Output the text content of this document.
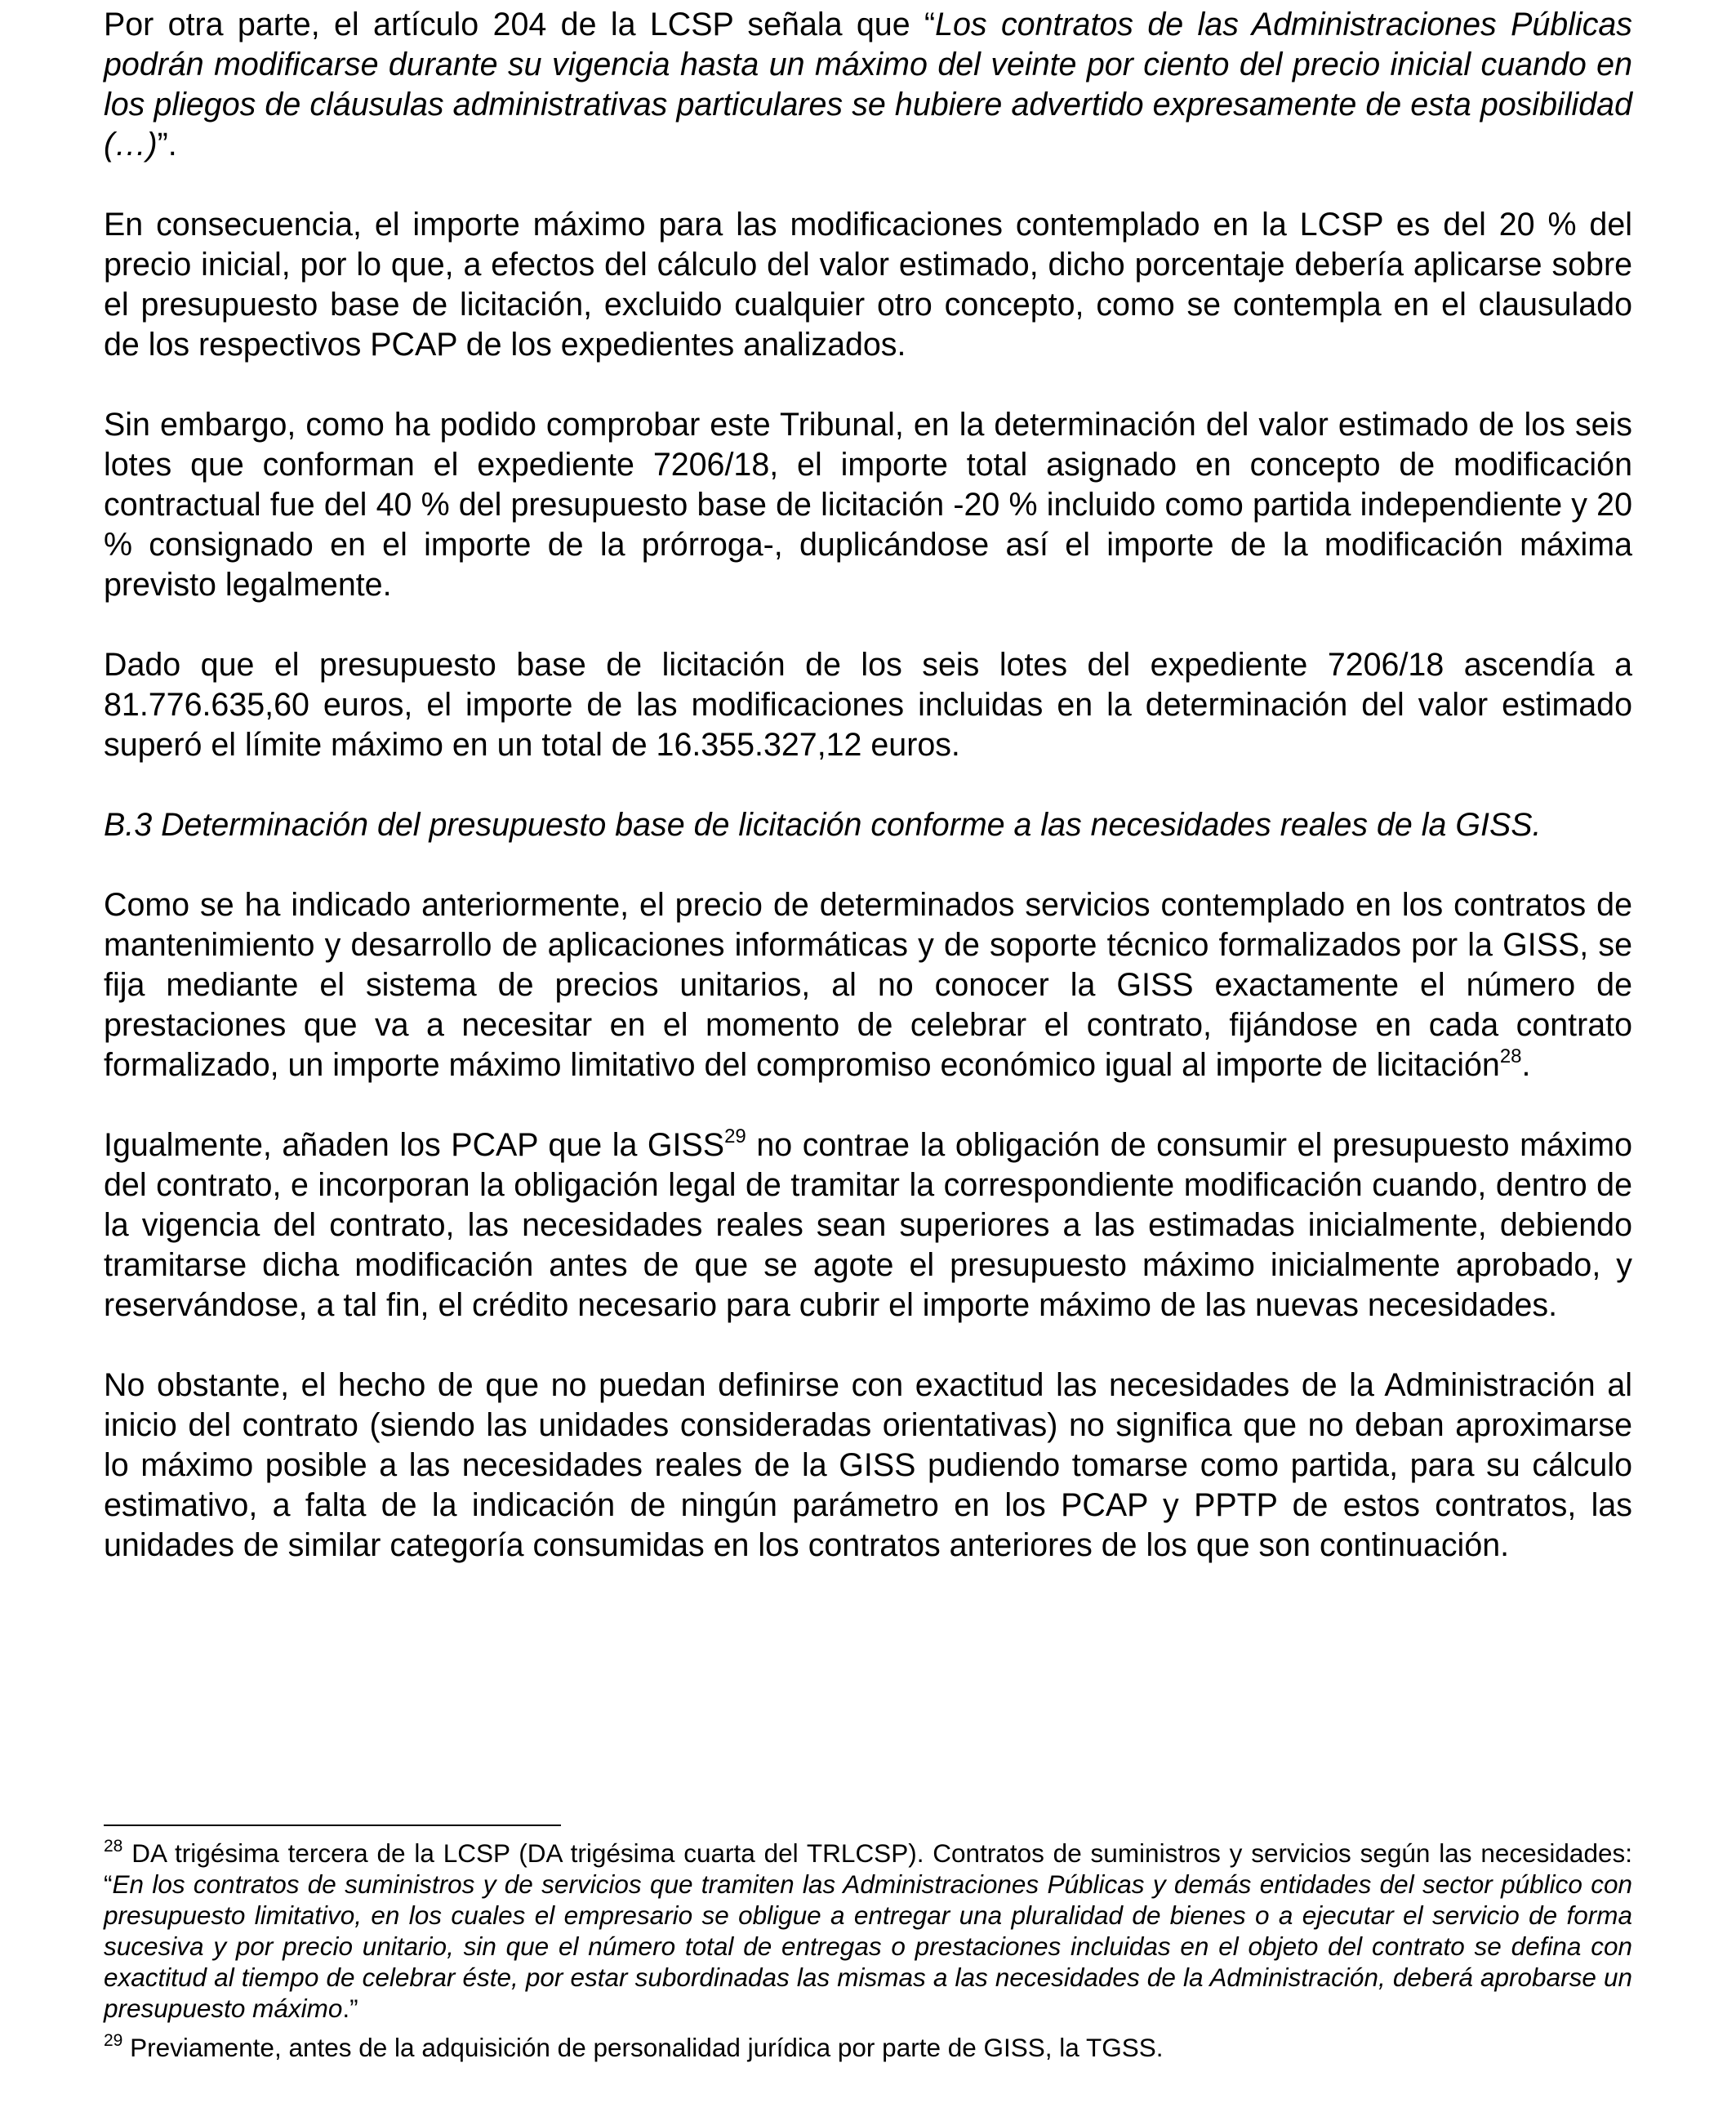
Por otra parte, el artículo 204 de la LCSP señala que “Los contratos de las Administraciones Públicas podrán modificarse durante su vigencia hasta un máximo del veinte por ciento del precio inicial cuando en los pliegos de cláusulas administrativas particulares se hubiere advertido expresamente de esta posibilidad (…)”.

En consecuencia, el importe máximo para las modificaciones contemplado en la LCSP es del 20 % del precio inicial, por lo que, a efectos del cálculo del valor estimado, dicho porcentaje debería aplicarse sobre el presupuesto base de licitación, excluido cualquier otro concepto, como se contempla en el clausulado de los respectivos PCAP de los expedientes analizados.

Sin embargo, como ha podido comprobar este Tribunal, en la determinación del valor estimado de los seis lotes que conforman el expediente 7206/18, el importe total asignado en concepto de modificación contractual fue del 40 % del presupuesto base de licitación -20 % incluido como partida independiente y 20 % consignado en el importe de la prórroga-, duplicándose así el importe de la modificación máxima previsto legalmente.

Dado que el presupuesto base de licitación de los seis lotes del expediente 7206/18 ascendía a 81.776.635,60 euros, el importe de las modificaciones incluidas en la determinación del valor estimado superó el límite máximo en un total de 16.355.327,12 euros.

B.3 Determinación del presupuesto base de licitación conforme a las necesidades reales de la GISS.

Como se ha indicado anteriormente, el precio de determinados servicios contemplado en los contratos de mantenimiento y desarrollo de aplicaciones informáticas y de soporte técnico formalizados por la GISS, se fija mediante el sistema de precios unitarios, al no conocer la GISS exactamente el número de prestaciones que va a necesitar en el momento de celebrar el contrato, fijándose en cada contrato formalizado, un importe máximo limitativo del compromiso económico igual al importe de licitación$^{28}$.

Igualmente, añaden los PCAP que la GISS$^{29}$ no contrae la obligación de consumir el presupuesto máximo del contrato, e incorporan la obligación legal de tramitar la correspondiente modificación cuando, dentro de la vigencia del contrato, las necesidades reales sean superiores a las estimadas inicialmente, debiendo tramitarse dicha modificación antes de que se agote el presupuesto máximo inicialmente aprobado, y reservándose, a tal fin, el crédito necesario para cubrir el importe máximo de las nuevas necesidades.

No obstante, el hecho de que no puedan definirse con exactitud las necesidades de la Administración al inicio del contrato (siendo las unidades consideradas orientativas) no significa que no deban aproximarse lo máximo posible a las necesidades reales de la GISS pudiendo tomarse como partida, para su cálculo estimativo, a falta de la indicación de ningún parámetro en los PCAP y PPTP de estos contratos, las unidades de similar categoría consumidas en los contratos anteriores de los que son continuación.

$^{28}$ DA trigésima tercera de la LCSP (DA trigésima cuarta del TRLCSP). Contratos de suministros y servicios según las necesidades: “En los contratos de suministros y de servicios que tramiten las Administraciones Públicas y demás entidades del sector público con presupuesto limitativo, en los cuales el empresario se obligue a entregar una pluralidad de bienes o a ejecutar el servicio de forma sucesiva y por precio unitario, sin que el número total de entregas o prestaciones incluidas en el objeto del contrato se defina con exactitud al tiempo de celebrar éste, por estar subordinadas las mismas a las necesidades de la Administración, deberá aprobarse un presupuesto máximo.”

$^{29}$ Previamente, antes de la adquisición de personalidad jurídica por parte de GISS, la TGSS.
